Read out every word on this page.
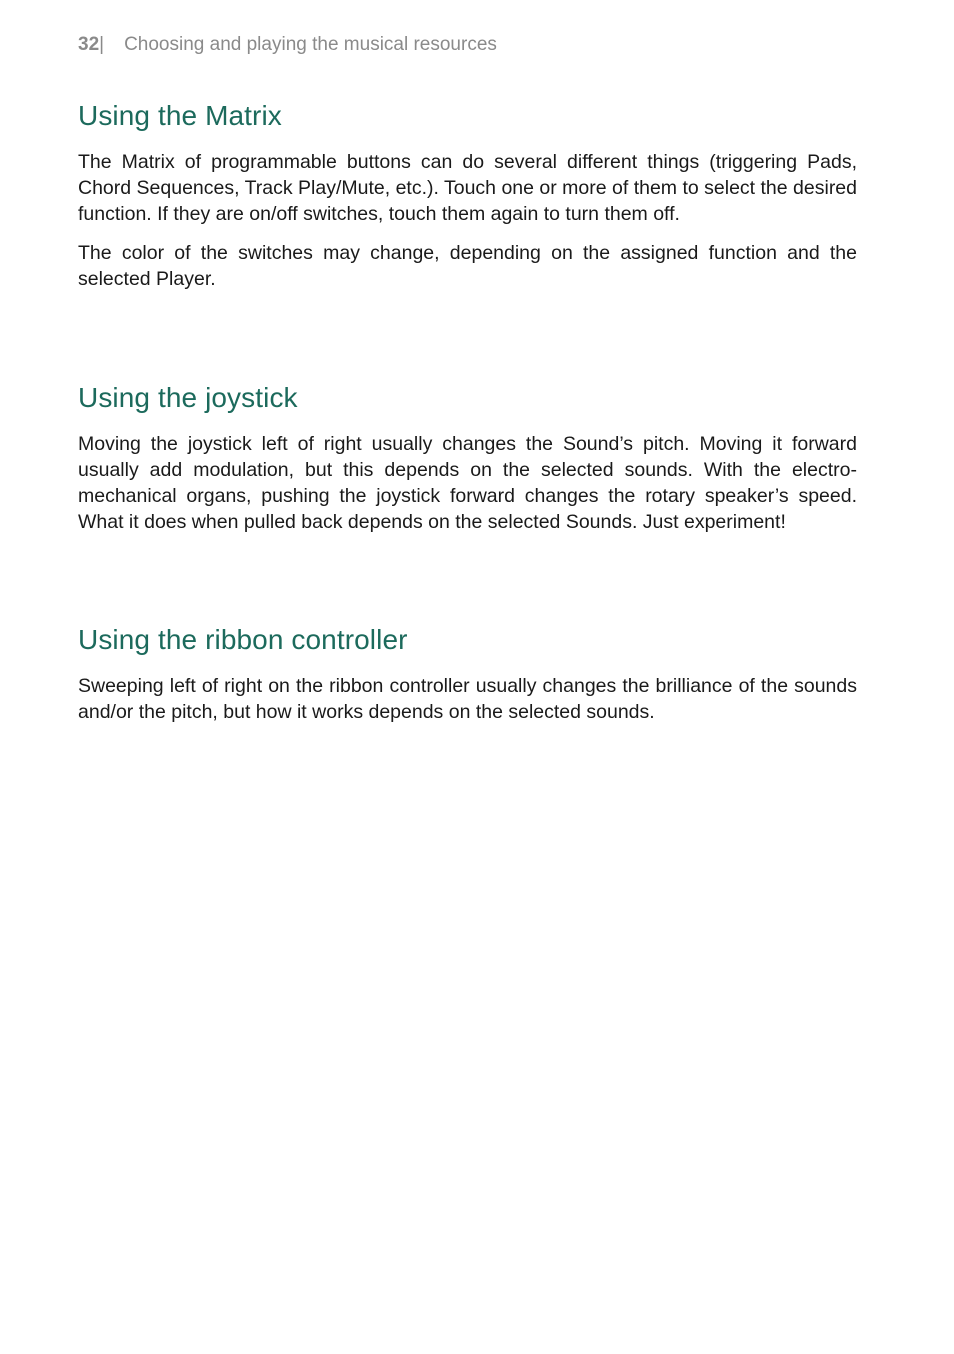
32| Choosing and playing the musical resources
Using the Matrix

The Matrix of programmable buttons can do several different things (triggering Pads, Chord Sequences, Track Play/Mute, etc.). Touch one or more of them to select the desired function. If they are on/off switches, touch them again to turn them off.

The color of the switches may change, depending on the assigned function and the selected Player.

Using the joystick

Moving the joystick left of right usually changes the Sound’s pitch. Moving it forward usually add modulation, but this depends on the selected sounds. With the electro-mechanical organs, pushing the joystick forward changes the rotary speaker’s speed. What it does when pulled back depends on the selected Sounds. Just experiment!

Using the ribbon controller

Sweeping left of right on the ribbon controller usually changes the brilliance of the sounds and/or the pitch, but how it works depends on the selected sounds.
